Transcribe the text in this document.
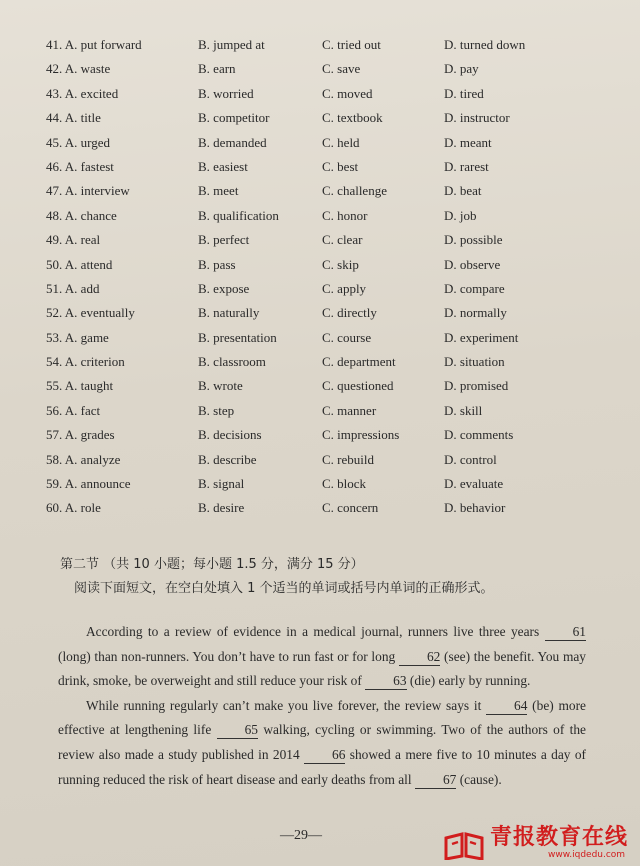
41. A. put forward	B. jumped at	C. tried out	D. turned down
42. A. waste	B. earn	C. save	D. pay
43. A. excited	B. worried	C. moved	D. tired
44. A. title	B. competitor	C. textbook	D. instructor
45. A. urged	B. demanded	C. held	D. meant
46. A. fastest	B. easiest	C. best	D. rarest
47. A. interview	B. meet	C. challenge	D. beat
48. A. chance	B. qualification	C. honor	D. job
49. A. real	B. perfect	C. clear	D. possible
50. A. attend	B. pass	C. skip	D. observe
51. A. add	B. expose	C. apply	D. compare
52. A. eventually	B. naturally	C. directly	D. normally
53. A. game	B. presentation	C. course	D. experiment
54. A. criterion	B. classroom	C. department	D. situation
55. A. taught	B. wrote	C. questioned	D. promised
56. A. fact	B. step	C. manner	D. skill
57. A. grades	B. decisions	C. impressions	D. comments
58. A. analyze	B. describe	C. rebuild	D. control
59. A. announce	B. signal	C. block	D. evaluate
60. A. role	B. desire	C. concern	D. behavior
第二节 （共 10 小题；每小题 1.5 分，满分 15 分）
阅读下面短文，在空白处填入 1 个适当的单词或括号内单词的正确形式。

According to a review of evidence in a medical journal, runners live three years 61 (long) than non-runners. You don’t have to run fast or for long 62 (see) the benefit. You may drink, smoke, be overweight and still reduce your risk of 63 (die) early by running.

While running regularly can’t make you live forever, the review says it 64 (be) more effective at lengthening life 65 walking, cycling or swimming. Two of the authors of the review also made a study published in 2014 66 showed a mere five to 10 minutes a day of running reduced the risk of heart disease and early deaths from all 67 (cause).

—29—	青报教育在线
www.iqdedu.com
